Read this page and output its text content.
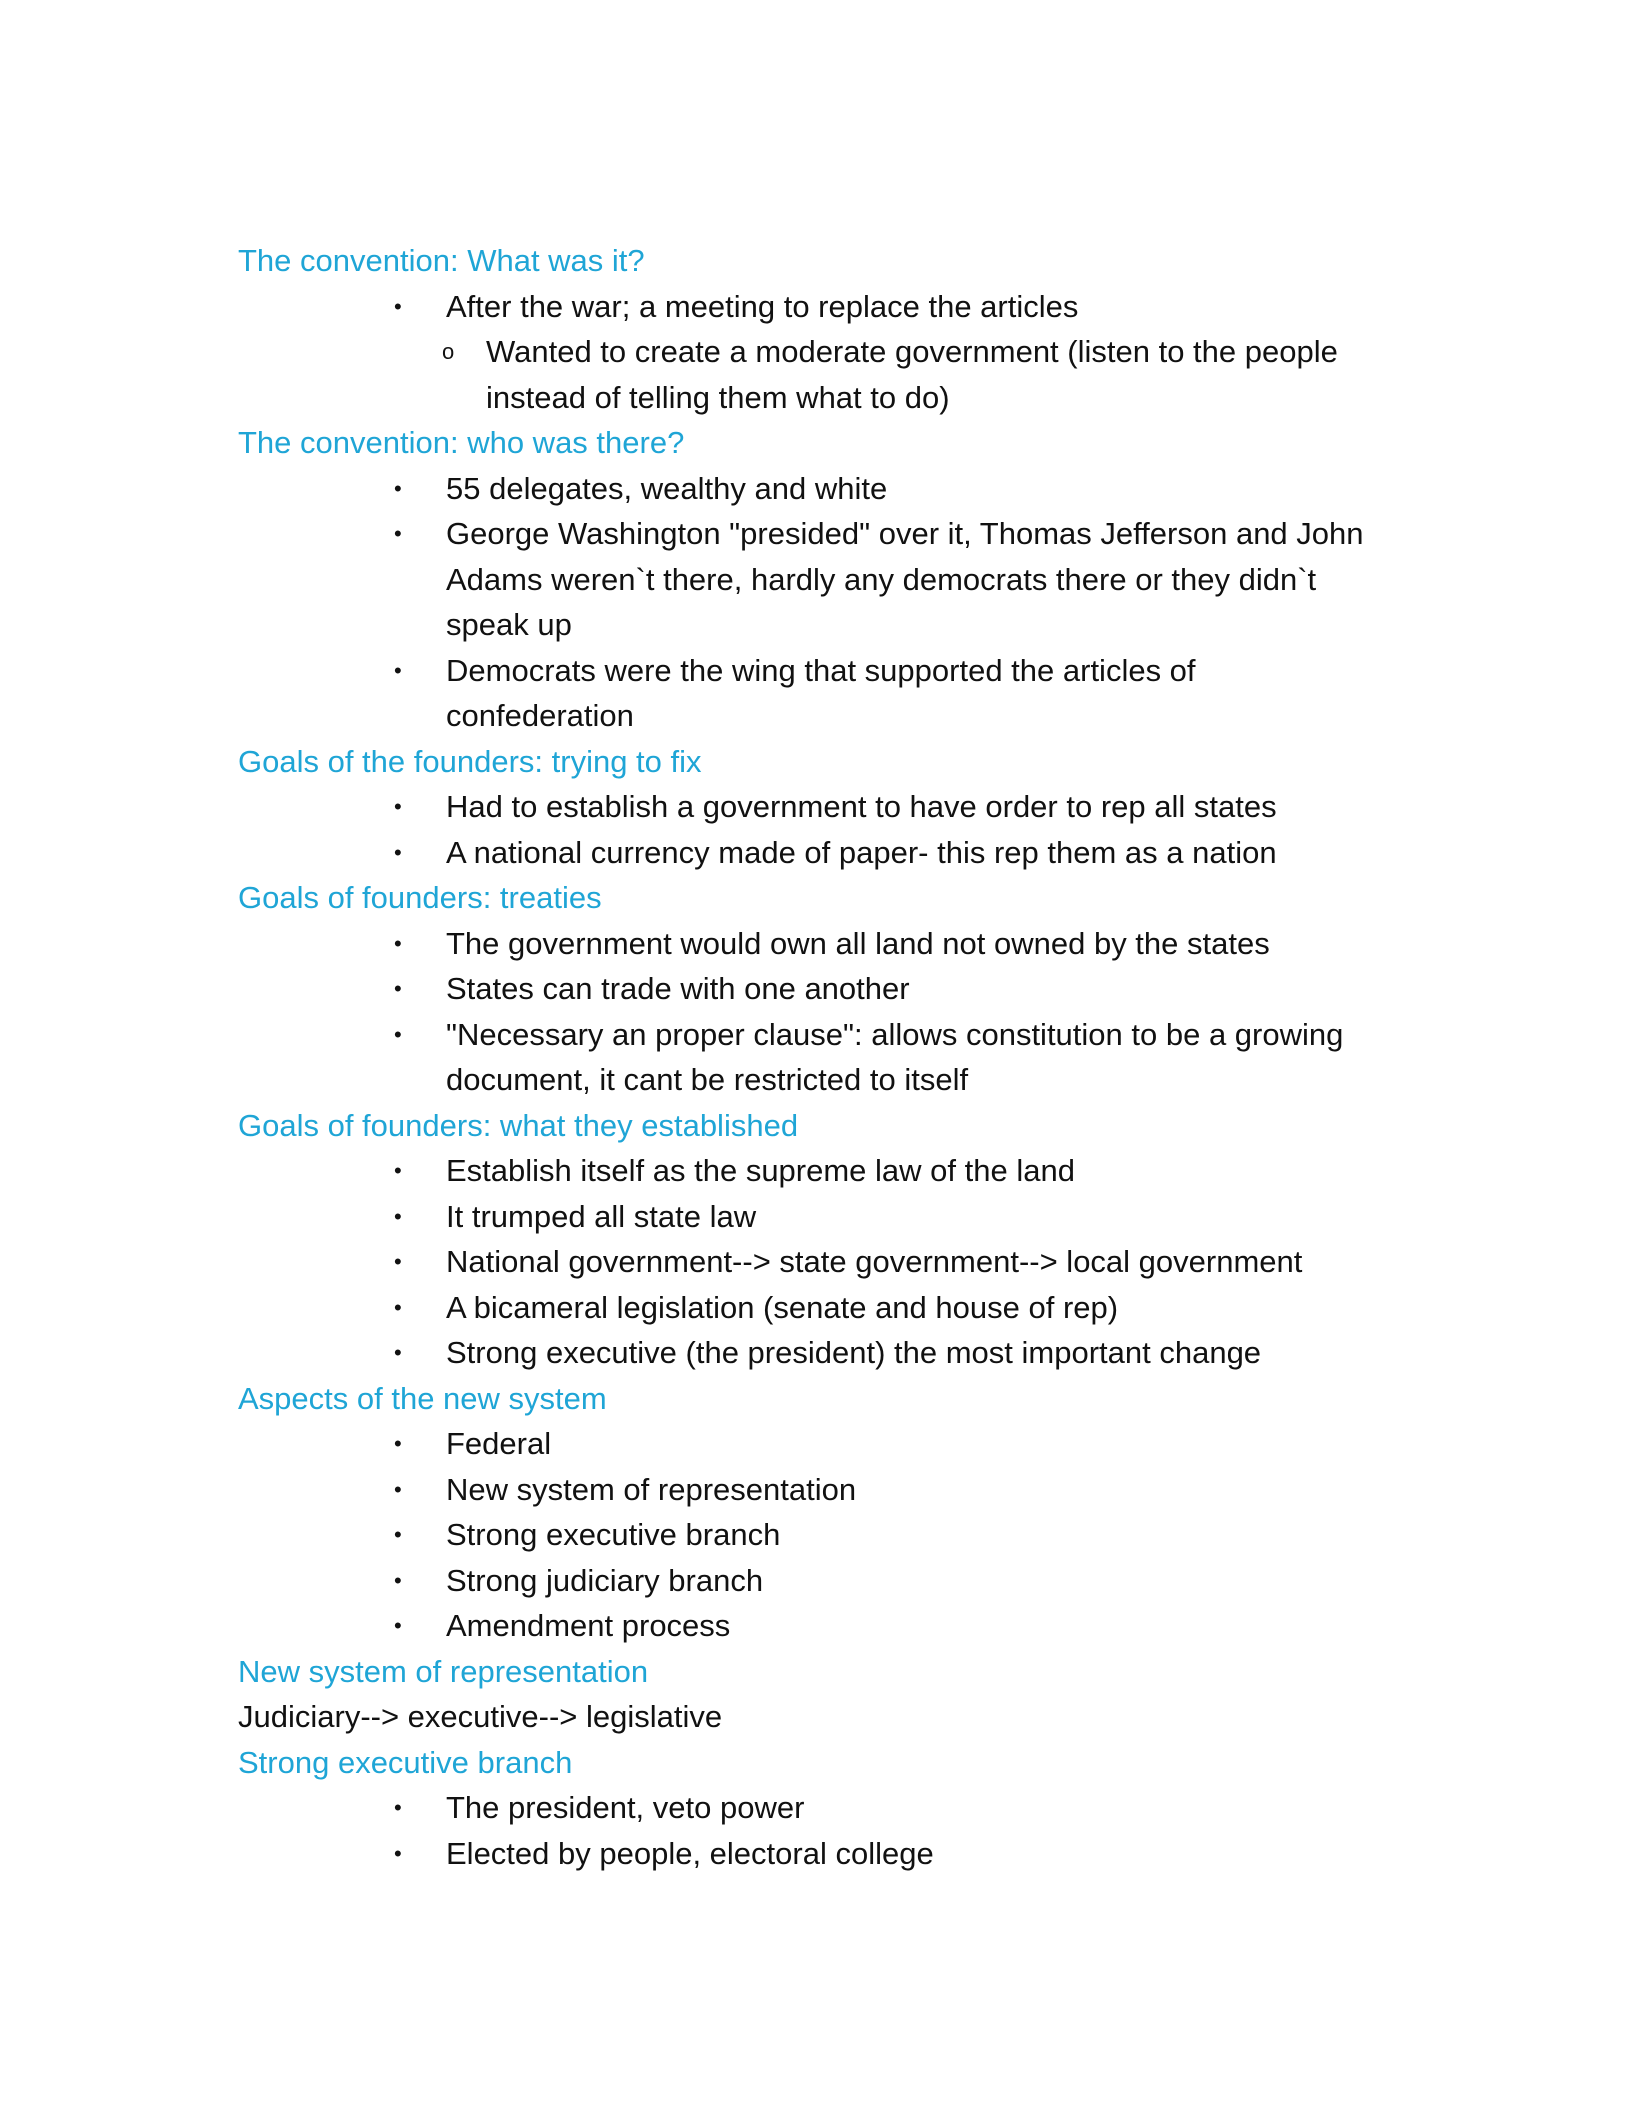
The convention: What was it?

• After the war; a meeting to replace the articles
o Wanted to create a moderate government (listen to the people instead of telling them what to do)

The convention: who was there?

• 55 delegates, wealthy and white
• George Washington "presided" over it, Thomas Jefferson and John Adams weren`t there, hardly any democrats there or they didn`t speak up
• Democrats were the wing that supported the articles of confederation

Goals of the founders: trying to fix

• Had to establish a government to have order to rep all states
• A national currency made of paper- this rep them as a nation

Goals of founders: treaties

• The government would own all land not owned by the states
• States can trade with one another
• "Necessary an proper clause": allows constitution to be a growing document, it cant be restricted to itself

Goals of founders: what they established

• Establish itself as the supreme law of the land
• It trumped all state law
• National government--> state government--> local government
• A bicameral legislation (senate and house of rep)
• Strong executive (the president) the most important change

Aspects of the new system

• Federal
• New system of representation
• Strong executive branch
• Strong judiciary branch
• Amendment process

New system of representation

Judiciary--> executive--> legislative

Strong executive branch

• The president, veto power
• Elected by people, electoral college
